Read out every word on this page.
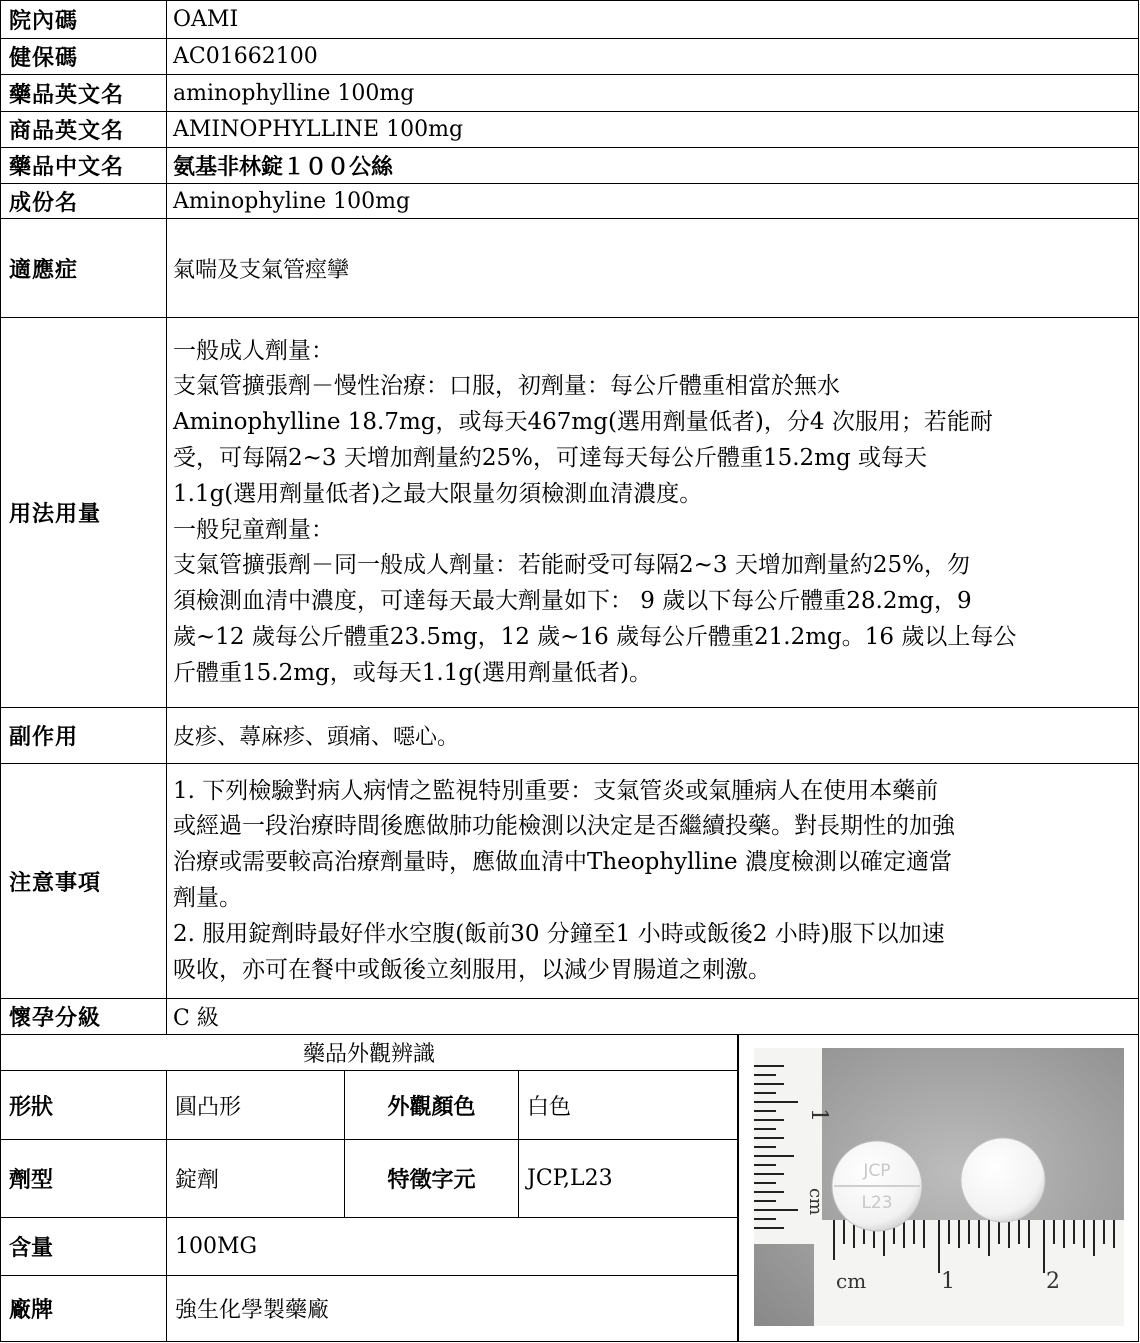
院內碼	OAMI
健保碼	AC01662100
藥品英文名	aminophylline 100mg
商品英文名	AMINOPHYLLINE 100mg
藥品中文名	氨基非林錠１００公絲
成份名	Aminophyline 100mg
適應症	氣喘及支氣管痙攣
用法用量
一般成人劑量：
支氣管擴張劑－慢性治療：口服，初劑量：每公斤體重相當於無水
Aminophylline 18.7mg，或每天467mg(選用劑量低者)，分4 次服用；若能耐
受，可每隔2~3 天增加劑量約25%，可達每天每公斤體重15.2mg 或每天
1.1g(選用劑量低者)之最大限量勿須檢測血清濃度。
一般兒童劑量：
支氣管擴張劑－同一般成人劑量：若能耐受可每隔2~3 天增加劑量約25%，勿
須檢測血清中濃度，可達每天最大劑量如下： 9 歲以下每公斤體重28.2mg，9
歲~12 歲每公斤體重23.5mg，12 歲~16 歲每公斤體重21.2mg。16 歲以上每公
斤體重15.2mg，或每天1.1g(選用劑量低者)。
副作用	皮疹、蕁麻疹、頭痛、噁心。
注意事項
1. 下列檢驗對病人病情之監視特別重要：支氣管炎或氣腫病人在使用本藥前
或經過一段治療時間後應做肺功能檢測以決定是否繼續投藥。對長期性的加強
治療或需要較高治療劑量時，應做血清中Theophylline 濃度檢測以確定適當
劑量。
2. 服用錠劑時最好伴水空腹(飯前30 分鐘至1 小時或飯後2 小時)服下以加速
吸收，亦可在餐中或飯後立刻服用，以減少胃腸道之刺激。
懷孕分級	C 級
藥品外觀辨識
形狀	圓凸形	外觀顏色	白色
劑型	錠劑	特徵字元	JCP,L23
含量	100MG
廠牌	強生化學製藥廠
1
cm
cm	1	2
JCP
L23
